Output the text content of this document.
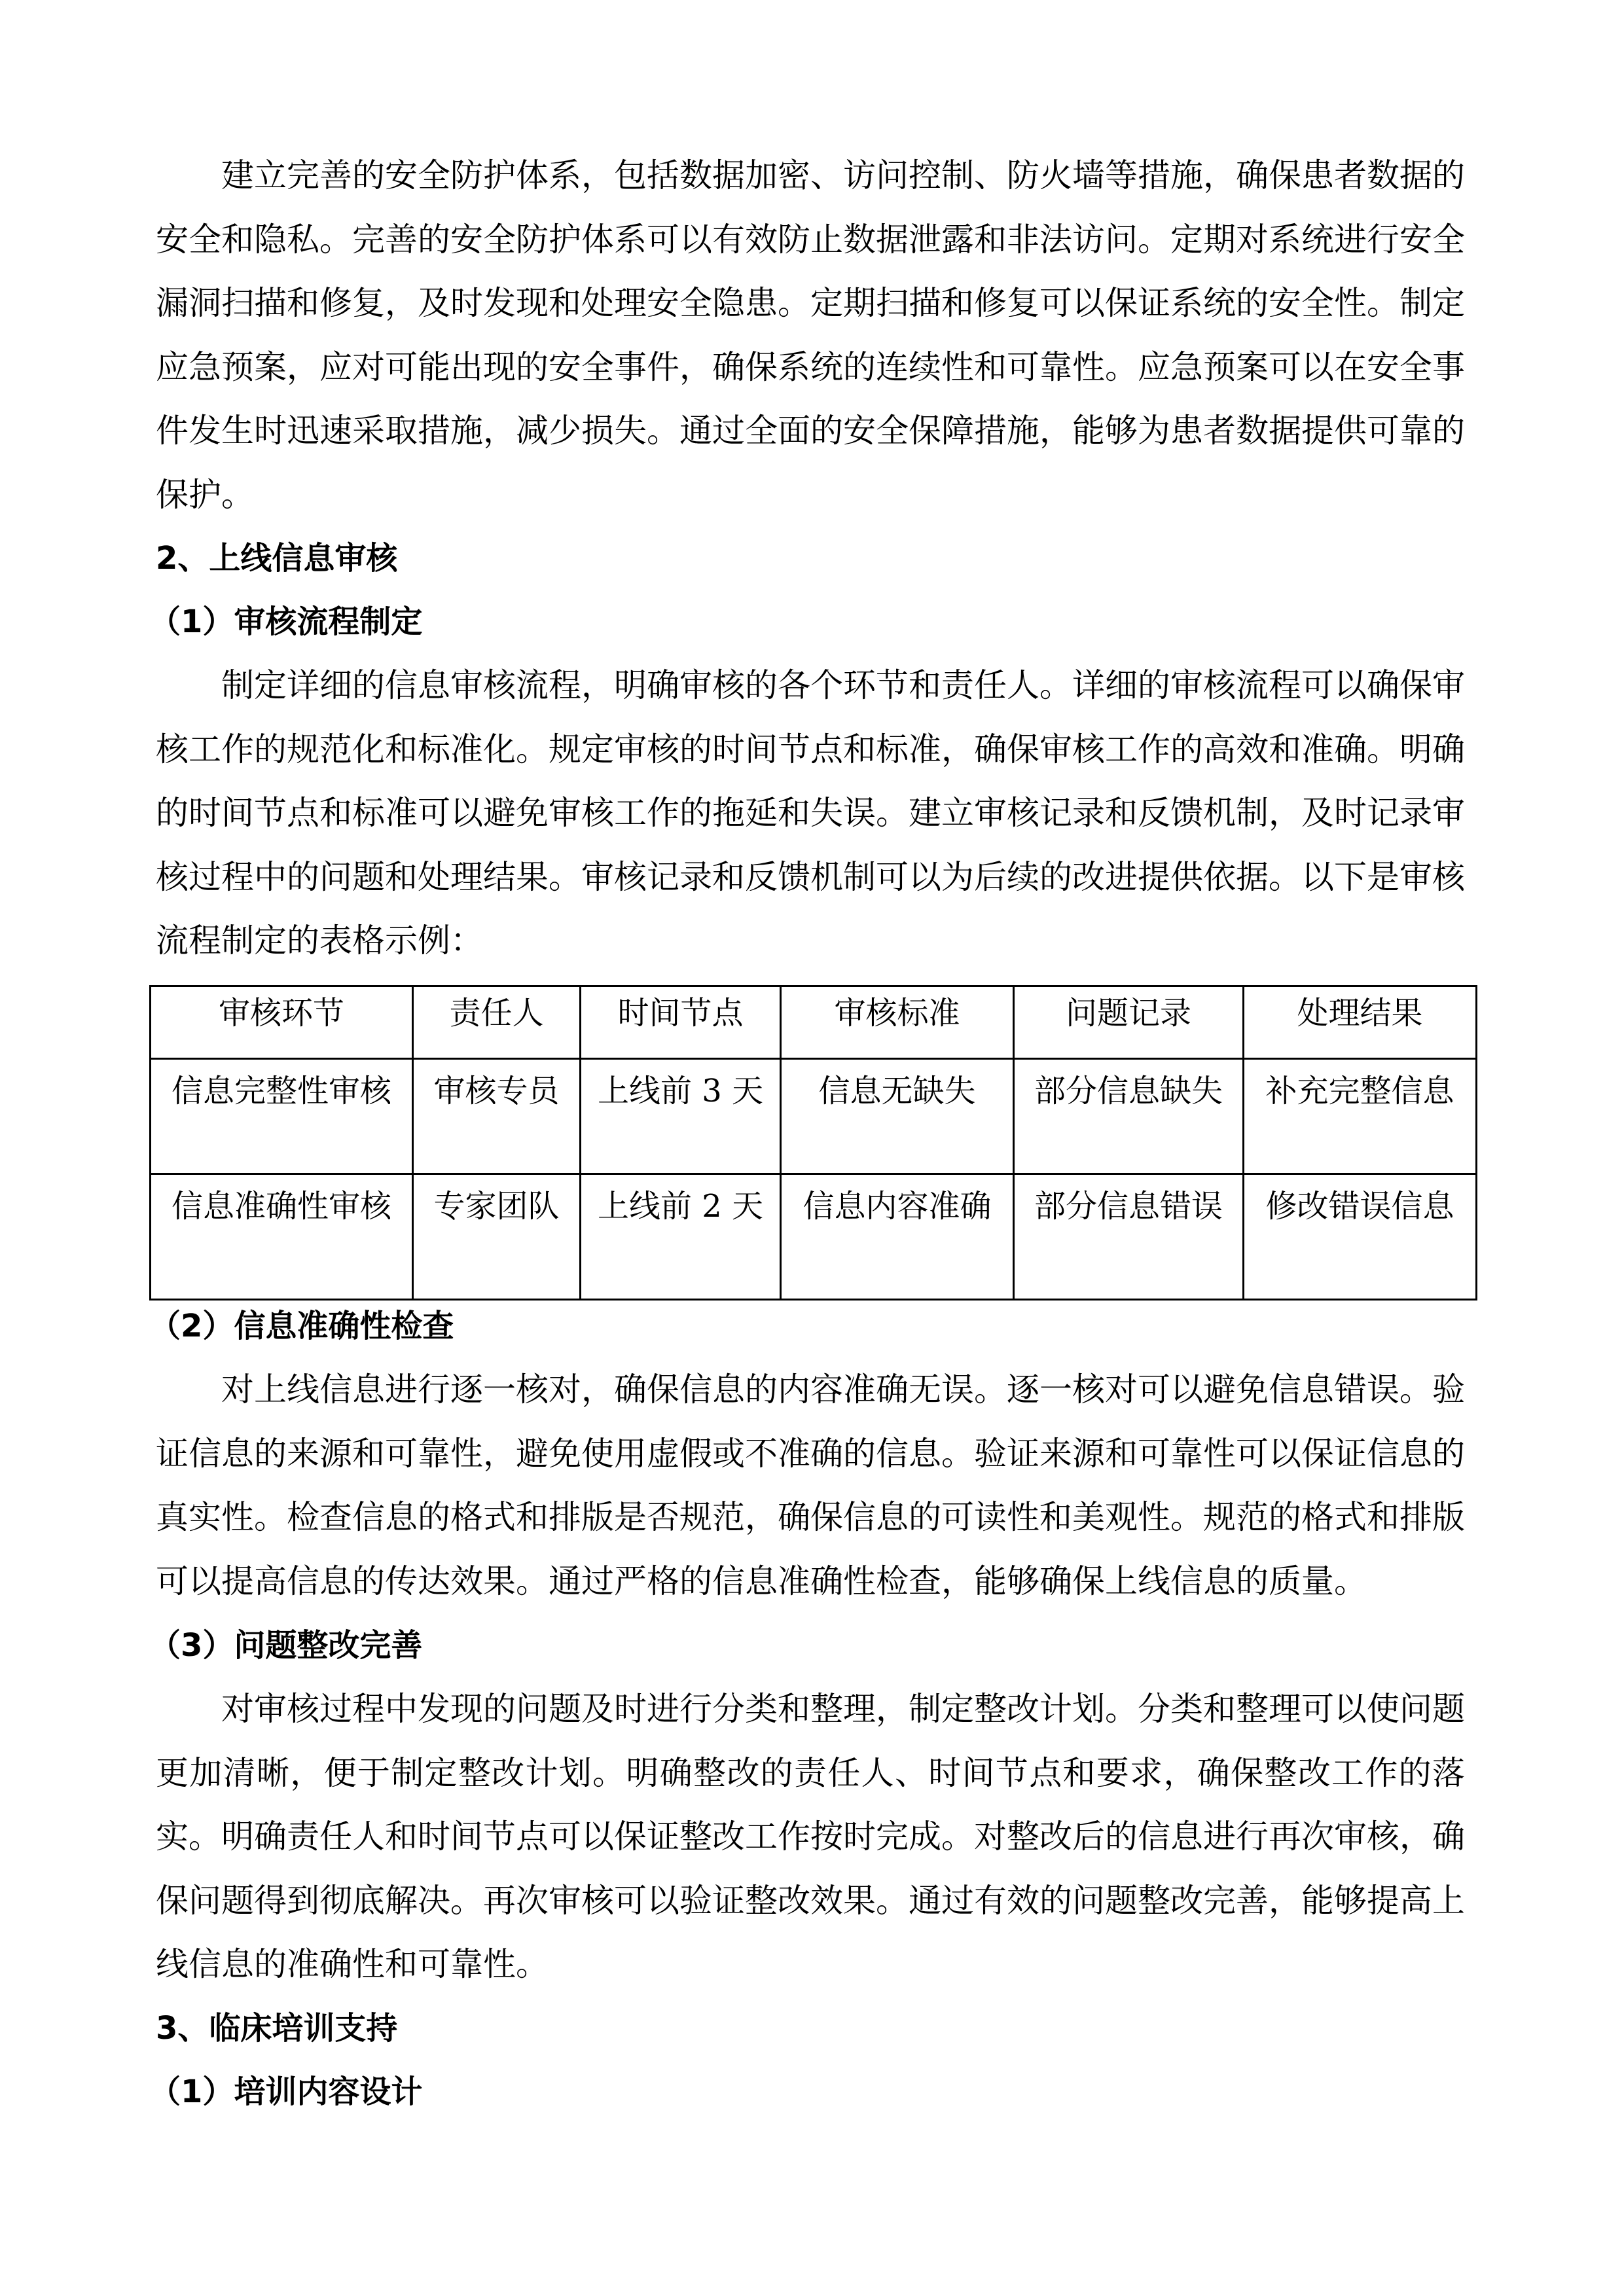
建立完善的安全防护体系，包括数据加密、访问控制、防火墙等措施，确保患者数据的安全和隐私。完善的安全防护体系可以有效防止数据泄露和非法访问。定期对系统进行安全漏洞扫描和修复，及时发现和处理安全隐患。定期扫描和修复可以保证系统的安全性。制定应急预案，应对可能出现的安全事件，确保系统的连续性和可靠性。应急预案可以在安全事件发生时迅速采取措施，减少损失。通过全面的安全保障措施，能够为患者数据提供可靠的保护。
2、上线信息审核
（1）审核流程制定
制定详细的信息审核流程，明确审核的各个环节和责任人。详细的审核流程可以确保审核工作的规范化和标准化。规定审核的时间节点和标准，确保审核工作的高效和准确。明确的时间节点和标准可以避免审核工作的拖延和失误。建立审核记录和反馈机制，及时记录审核过程中的问题和处理结果。审核记录和反馈机制可以为后续的改进提供依据。以下是审核流程制定的表格示例：
审核环节	责任人	时间节点	审核标准	问题记录	处理结果
信息完整性审核	审核专员	上线前 3 天	信息无缺失	部分信息缺失	补充完整信息
信息准确性审核	专家团队	上线前 2 天	信息内容准确	部分信息错误	修改错误信息
（2）信息准确性检查
对上线信息进行逐一核对，确保信息的内容准确无误。逐一核对可以避免信息错误。验证信息的来源和可靠性，避免使用虚假或不准确的信息。验证来源和可靠性可以保证信息的真实性。检查信息的格式和排版是否规范，确保信息的可读性和美观性。规范的格式和排版可以提高信息的传达效果。通过严格的信息准确性检查，能够确保上线信息的质量。
（3）问题整改完善
对审核过程中发现的问题及时进行分类和整理，制定整改计划。分类和整理可以使问题更加清晰，便于制定整改计划。明确整改的责任人、时间节点和要求，确保整改工作的落实。明确责任人和时间节点可以保证整改工作按时完成。对整改后的信息进行再次审核，确保问题得到彻底解决。再次审核可以验证整改效果。通过有效的问题整改完善，能够提高上线信息的准确性和可靠性。
3、临床培训支持
（1）培训内容设计
